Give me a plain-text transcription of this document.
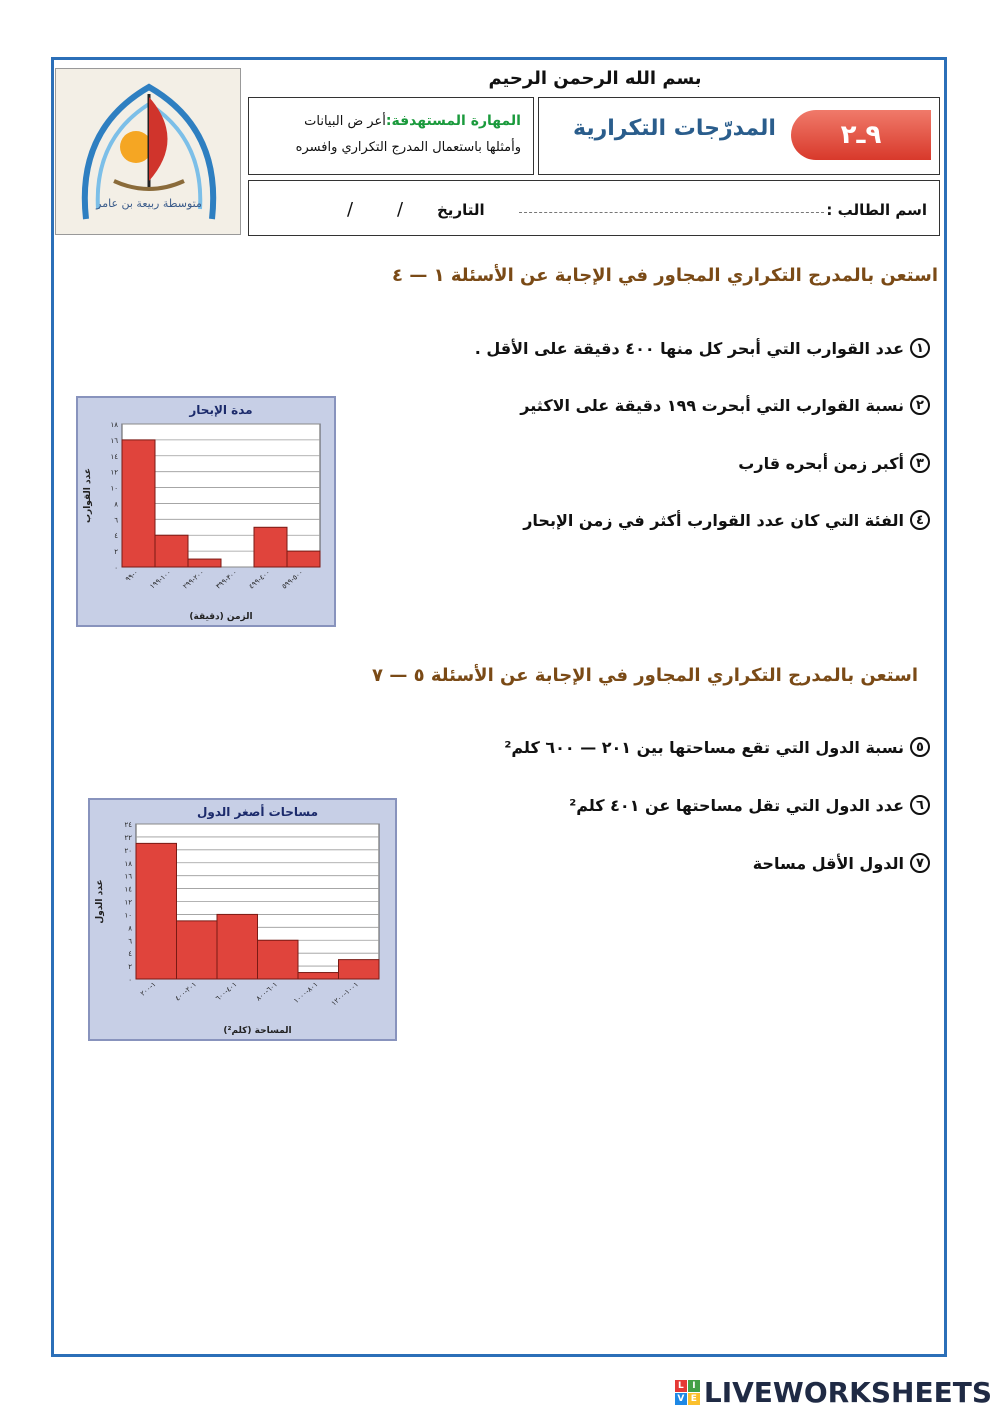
متوسطة ربيعة بن عامر
بسم الله الرحمن الرحيم
المهارة المستهدفة:أعر ض البيانات
وأمثلها باستعمال المدرج التكراري وافسره
المدرّجات التكرارية	٩ـ٢
اسم الطالب :
التاريخ
/
/
استعن بالمدرج التكراري المجاور في الإجابة عن الأسئلة ١ — ٤
١
عدد القوارب التي أبحر كل منها ٤٠٠ دقيقة على الأقل .
٢
نسبة القوارب التي أبحرت ١٩٩ دقيقة على الاكثير
٣
أكبر زمن أبحره قارب
٤
الفئة التي كان عدد القوارب أكثر في زمن الإبحار
مدة الإبحار
٠
٢
٤
٦
٨
١٠
١٢
١٤
١٦
١٨
٠-٩٩
١٠٠-١٩٩
٢٠٠-٢٩٩
٣٠٠-٣٩٩
٤٠٠-٤٩٩
٥٠٠-٥٩٩
الزمن (دقيقة)
عدد القوارب
استعن بالمدرج التكراري المجاور في الإجابة عن الأسئلة ٥ — ٧
٥
نسبة الدول التي تقع مساحتها بين ٢٠١ — ٦٠٠ كلم²
٦
عدد الدول التي تقل مساحتها عن ٤٠١ كلم²
٧
الدول الأقل مساحة
مساحات أصغر الدول
٠
٢
٤
٦
٨
١٠
١٢
١٤
١٦
١٨
٢٠
٢٢
٢٤
١-٢٠٠
٢٠١-٤٠٠
٤٠١-٦٠٠
٦٠١-٨٠٠
٨٠١-١٠٠٠
١٠٠١-١٢٠٠
المساحة (كلم²)
عدد الدول
L I
V E LIVEWORKSHEETS
